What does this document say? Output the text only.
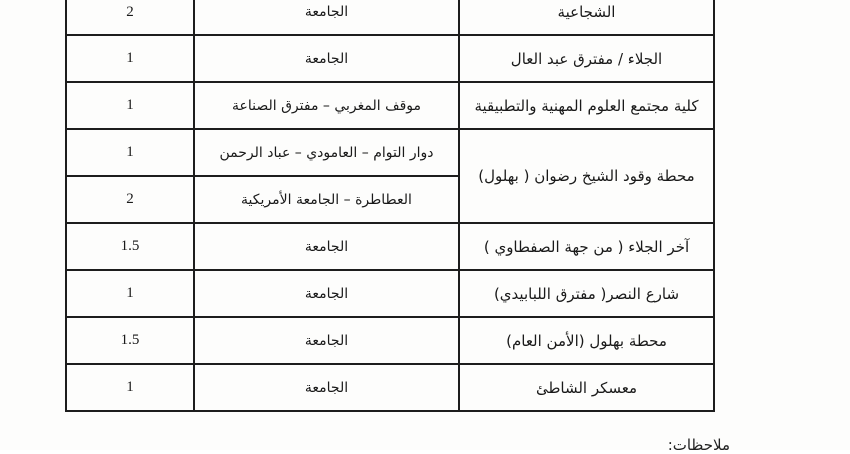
الشجاعية	الجامعة	2
الجلاء / مفترق عبد العال	الجامعة	1
كلية مجتمع العلوم المهنية والتطبيقية	موقف المغربي – مفترق الصناعة	1
محطة وقود الشيخ رضوان ( بهلول)	دوار التوام – العامودي – عباد الرحمن	1
	العطاطرة – الجامعة الأمريكية	2
آخر الجلاء ( من جهة الصفطاوي )	الجامعة	1.5
شارع النصر( مفترق اللبابيدي)	الجامعة	1
محطة بهلول (الأمن العام)	الجامعة	1.5
معسكر الشاطئ	الجامعة	1
ملاحظات:
